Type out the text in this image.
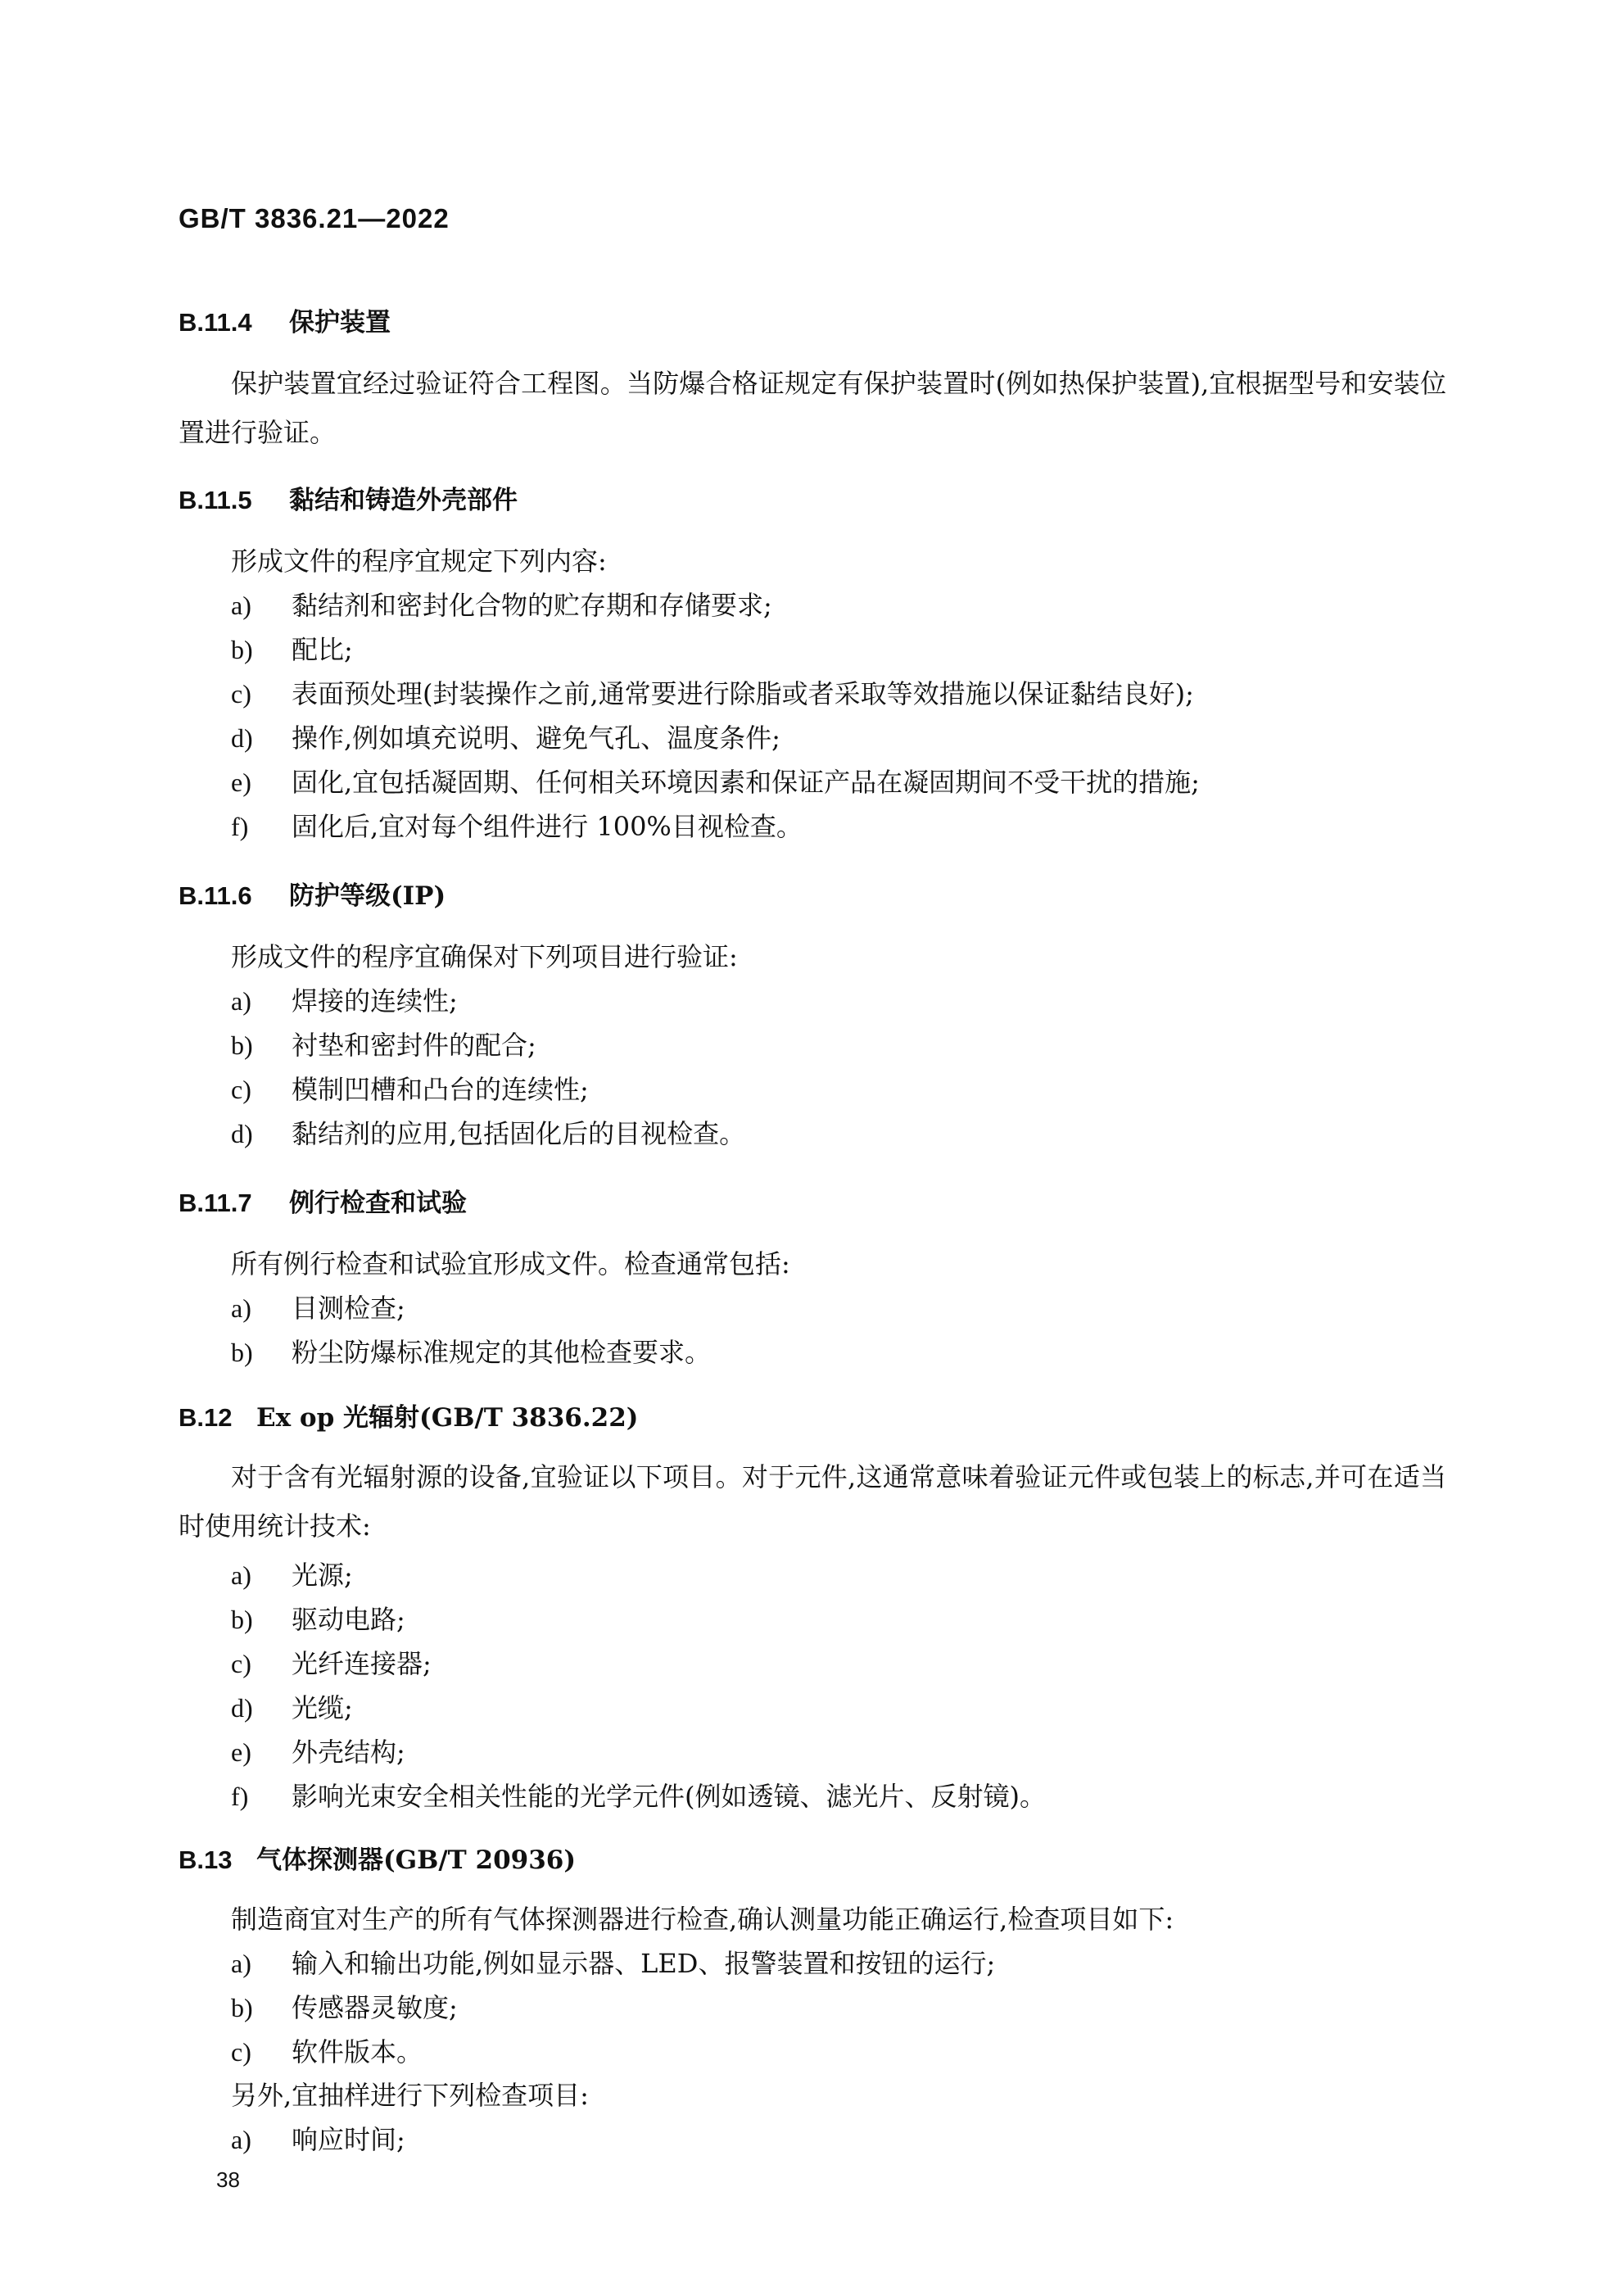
GB/T 3836.21—2022
B.11.4 保护装置
保护装置宜经过验证符合工程图。当防爆合格证规定有保护装置时(例如热保护装置),宜根据型号和安装位置进行验证。
B.11.5 黏结和铸造外壳部件
形成文件的程序宜规定下列内容:
a) 黏结剂和密封化合物的贮存期和存储要求;
b) 配比;
c) 表面预处理(封装操作之前,通常要进行除脂或者采取等效措施以保证黏结良好);
d) 操作,例如填充说明、避免气孔、温度条件;
e) 固化,宜包括凝固期、任何相关环境因素和保证产品在凝固期间不受干扰的措施;
f) 固化后,宜对每个组件进行 100%目视检查。
B.11.6 防护等级(IP)
形成文件的程序宜确保对下列项目进行验证:
a) 焊接的连续性;
b) 衬垫和密封件的配合;
c) 模制凹槽和凸台的连续性;
d) 黏结剂的应用,包括固化后的目视检查。
B.11.7 例行检查和试验
所有例行检查和试验宜形成文件。检查通常包括:
a) 目测检查;
b) 粉尘防爆标准规定的其他检查要求。
B.12 Ex op 光辐射(GB/T 3836.22)
对于含有光辐射源的设备,宜验证以下项目。对于元件,这通常意味着验证元件或包装上的标志,并可在适当时使用统计技术:
a) 光源;
b) 驱动电路;
c) 光纤连接器;
d) 光缆;
e) 外壳结构;
f) 影响光束安全相关性能的光学元件(例如透镜、滤光片、反射镜)。
B.13 气体探测器(GB/T 20936)
制造商宜对生产的所有气体探测器进行检查,确认测量功能正确运行,检查项目如下:
a) 输入和输出功能,例如显示器、LED、报警装置和按钮的运行;
b) 传感器灵敏度;
c) 软件版本。
另外,宜抽样进行下列检查项目:
a) 响应时间;
38
